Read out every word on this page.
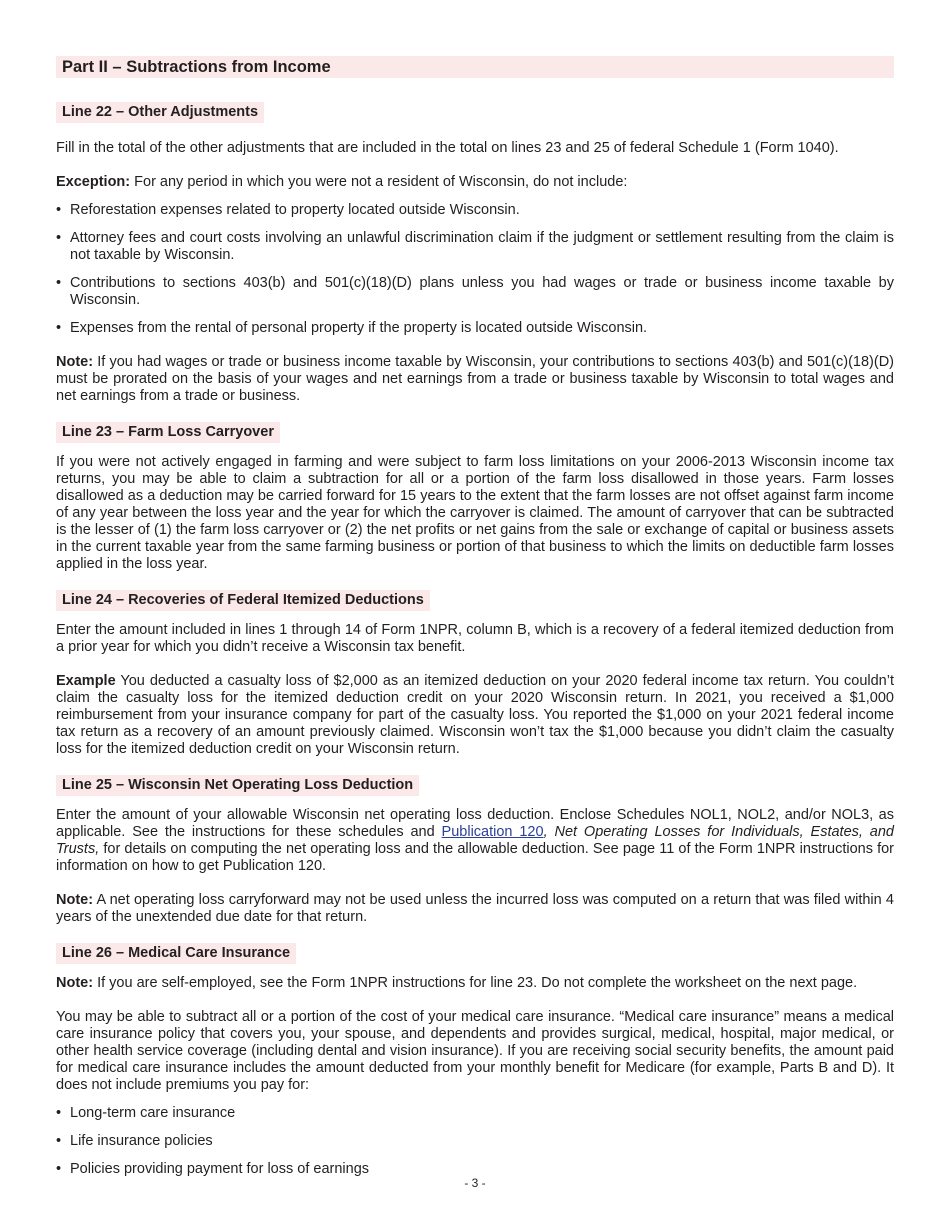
Part II – Subtractions from Income
Line 22 – Other Adjustments

Fill in the total of the other adjustments that are included in the total on lines 23 and 25 of federal Schedule 1 (Form 1040).

Exception: For any period in which you were not a resident of Wisconsin, do not include:

• Reforestation expenses related to property located outside Wisconsin.
• Attorney fees and court costs involving an unlawful discrimination claim if the judgment or settlement resulting from the claim is not taxable by Wisconsin.
• Contributions to sections 403(b) and 501(c)(18)(D) plans unless you had wages or trade or business income taxable by Wisconsin.
• Expenses from the rental of personal property if the property is located outside Wisconsin.

Note: If you had wages or trade or business income taxable by Wisconsin, your contributions to sections 403(b) and 501(c)(18)(D) must be prorated on the basis of your wages and net earnings from a trade or business taxable by Wisconsin to total wages and net earnings from a trade or business.

Line 23 – Farm Loss Carryover

If you were not actively engaged in farming and were subject to farm loss limitations on your 2006-2013 Wisconsin income tax returns, you may be able to claim a subtraction for all or a portion of the farm loss disallowed in those years. Farm losses disallowed as a deduction may be carried forward for 15 years to the extent that the farm losses are not offset against farm income of any year between the loss year and the year for which the carryover is claimed. The amount of carryover that can be subtracted is the lesser of (1) the farm loss carryover or (2) the net profits or net gains from the sale or exchange of capital or business assets in the current taxable year from the same farming business or portion of that business to which the limits on deductible farm losses applied in the loss year.

Line 24 – Recoveries of Federal Itemized Deductions

Enter the amount included in lines 1 through 14 of Form 1NPR, column B, which is a recovery of a federal itemized deduction from a prior year for which you didn’t receive a Wisconsin tax benefit.

Example You deducted a casualty loss of $2,000 as an itemized deduction on your 2020 federal income tax return. You couldn’t claim the casualty loss for the itemized deduction credit on your 2020 Wisconsin return. In 2021, you received a $1,000 reimbursement from your insurance company for part of the casualty loss. You reported the $1,000 on your 2021 federal income tax return as a recovery of an amount previously claimed. Wisconsin won’t tax the $1,000 because you didn’t claim the casualty loss for the itemized deduction credit on your Wisconsin return.

Line 25 – Wisconsin Net Operating Loss Deduction

Enter the amount of your allowable Wisconsin net operating loss deduction. Enclose Schedules NOL1, NOL2, and/or NOL3, as applicable. See the instructions for these schedules and Publication 120, Net Operating Losses for Individuals, Estates, and Trusts, for details on computing the net operating loss and the allowable deduction. See page 11 of the Form 1NPR instructions for information on how to get Publication 120.

Note: A net operating loss carryforward may not be used unless the incurred loss was computed on a return that was filed within 4 years of the unextended due date for that return.

Line 26 – Medical Care Insurance

Note: If you are self-employed, see the Form 1NPR instructions for line 23. Do not complete the worksheet on the next page.

You may be able to subtract all or a portion of the cost of your medical care insurance. “Medical care insurance” means a medical care insurance policy that covers you, your spouse, and dependents and provides surgical, medical, hospital, major medical, or other health service coverage (including dental and vision insurance). If you are receiving social security benefits, the amount paid for medical care insurance includes the amount deducted from your monthly benefit for Medicare (for example, Parts B and D). It does not include premiums you pay for:

• Long-term care insurance
• Life insurance policies
• Policies providing payment for loss of earnings
- 3 -
